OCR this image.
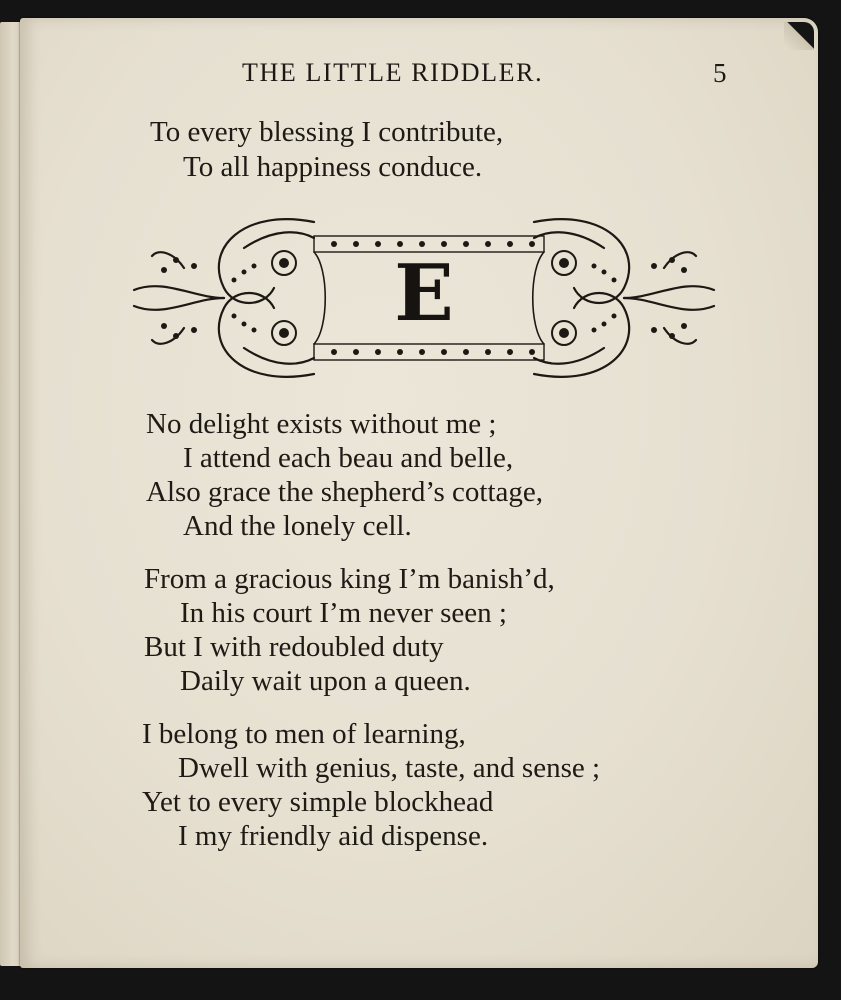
THE LITTLE RIDDLER.	5
To every blessing I contribute,
To all happiness conduce.
E
No delight exists without me ;
I attend each beau and belle,
Also grace the shepherd’s cottage,
And the lonely cell.
From a gracious king I’m banish’d,
In his court I’m never seen ;
But I with redoubled duty
Daily wait upon a queen.
I belong to men of learning,
Dwell with genius, taste, and sense ;
Yet to every simple blockhead
I my friendly aid dispense.
